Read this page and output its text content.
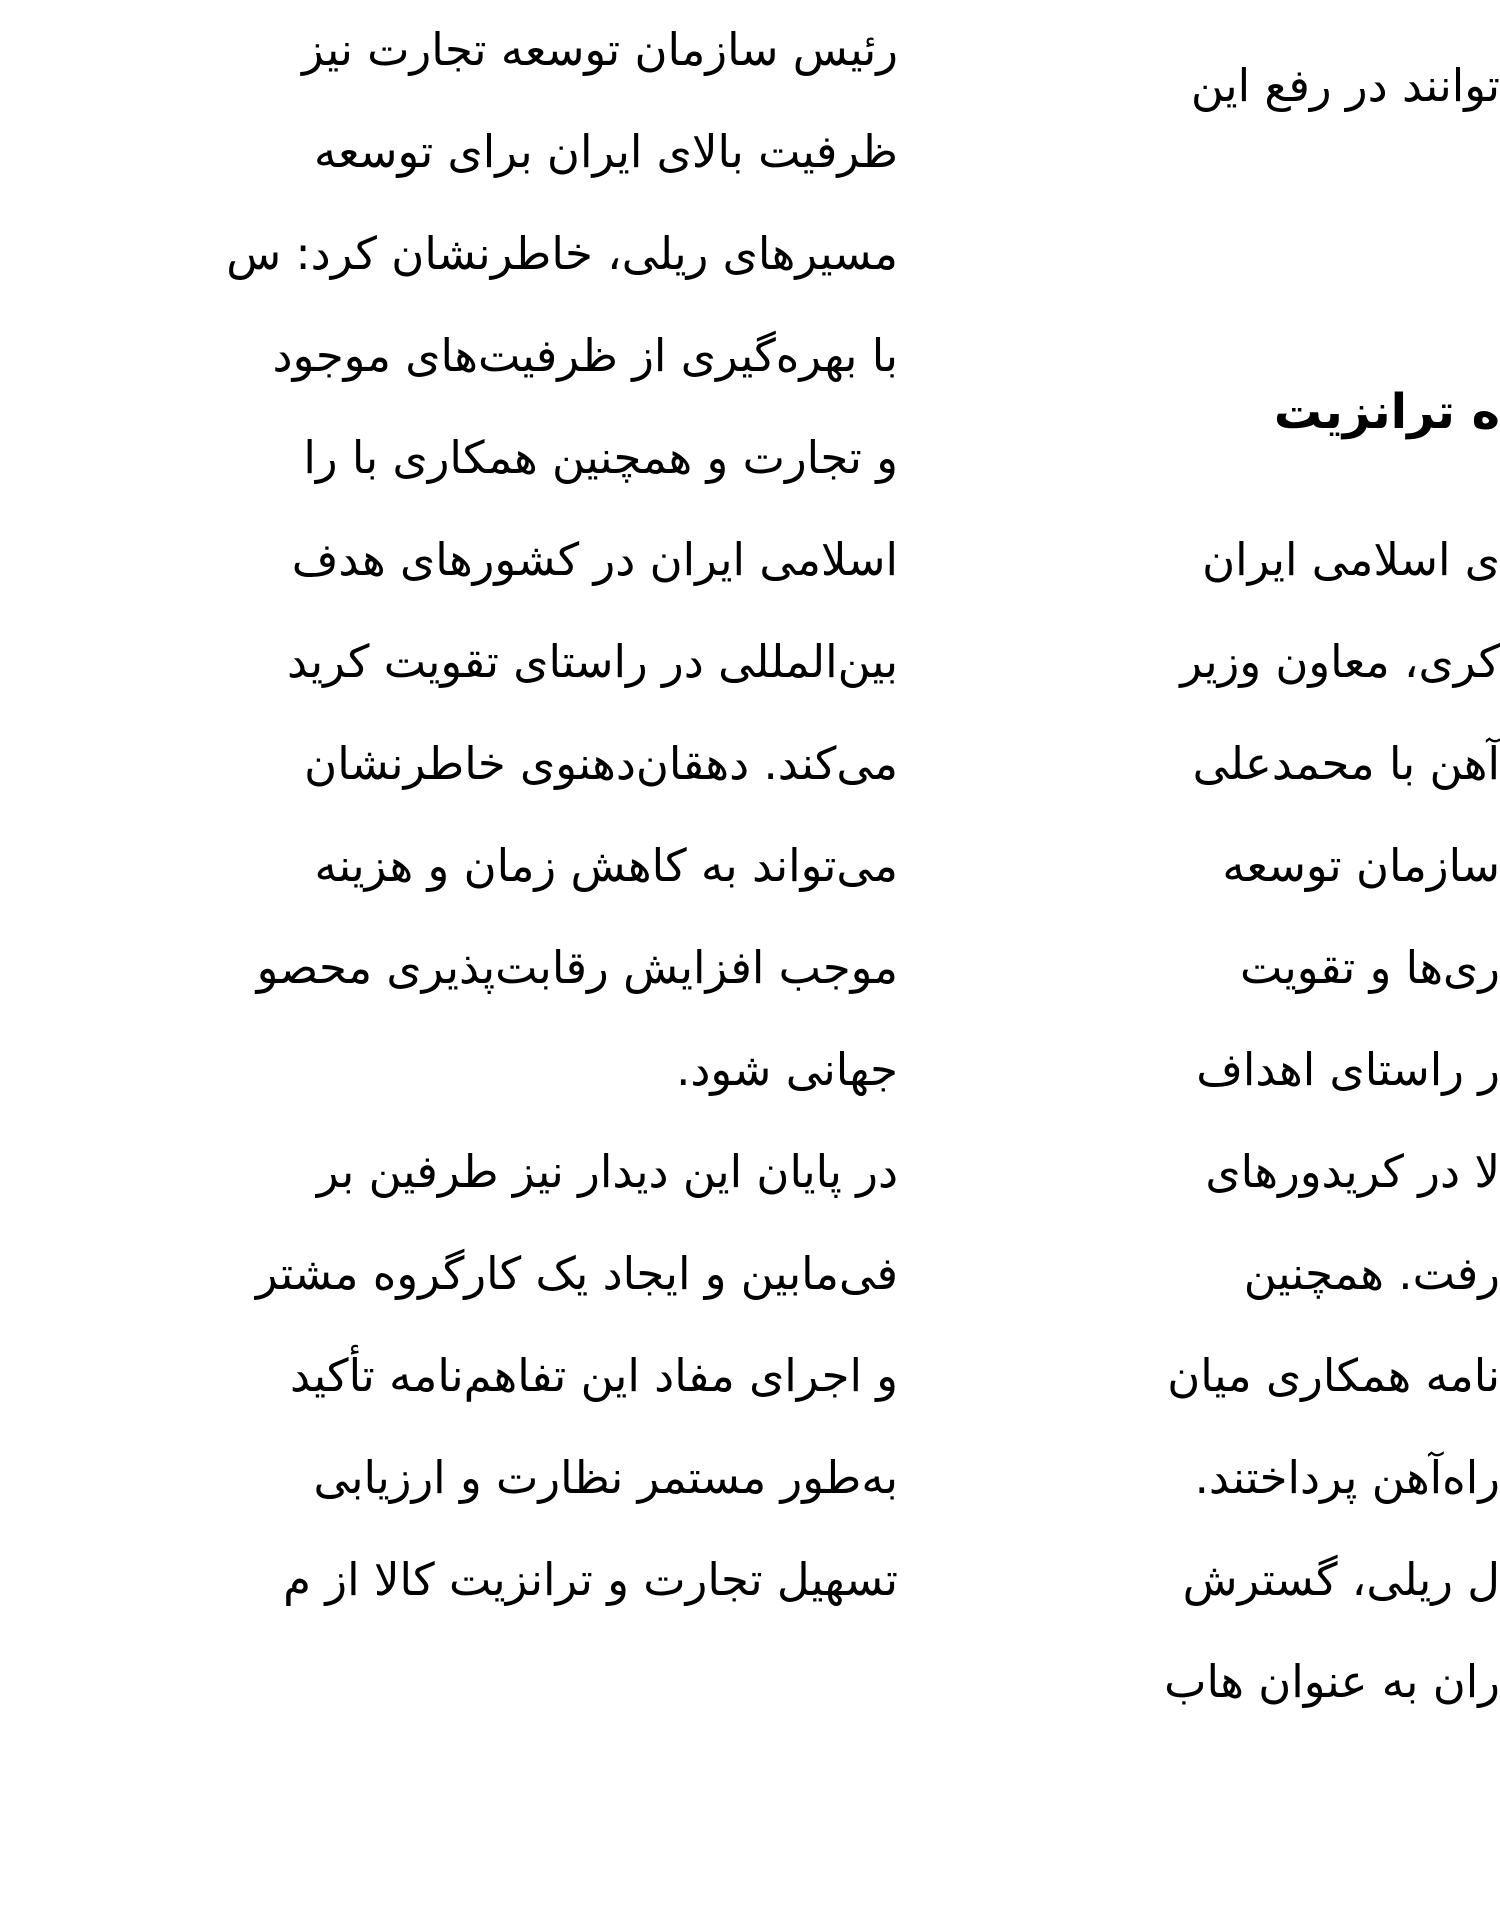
رئیس سازمان توسعه تجارت نیز

ظرفیت بالای ایران برای توسعه

مسیرهای ریلی، خاطرنشان کرد: س

با بهره‌گیری از ظرفیت‌های موجود

و تجارت و همچنین همکاری با را

اسلامی ایران در کشورهای هدف

بین‌المللی در راستای تقویت کرید

می‌کند. دهقان‌دهنوی خاطرنشان

می‌تواند به کاهش زمان و هزینه

موجب افزایش رقابت‌پذیری محصو

جهانی شود.

در پایان این دیدار نیز طرفین بر

فی‌مابین و ایجاد یک کارگروه مشتر

و اجرای مفاد این تفاهم‌نامه تأکید

به‌طور مستمر نظارت و ارزیابی

تسهیل تجارت و ترانزیت کالا از م

توانند در رفع این

ه ترانزیت

ی اسلامی ایران

کری، معاون وزیر

آهن با محمدعلی

سازمان توسعه

ری‌ها و تقویت

ر راستای اهداف

لا در کریدورهای

رفت. همچنین

نامه همکاری میان

راه‌آهن پرداختند.

ل ریلی، گسترش

ران به عنوان هاب
